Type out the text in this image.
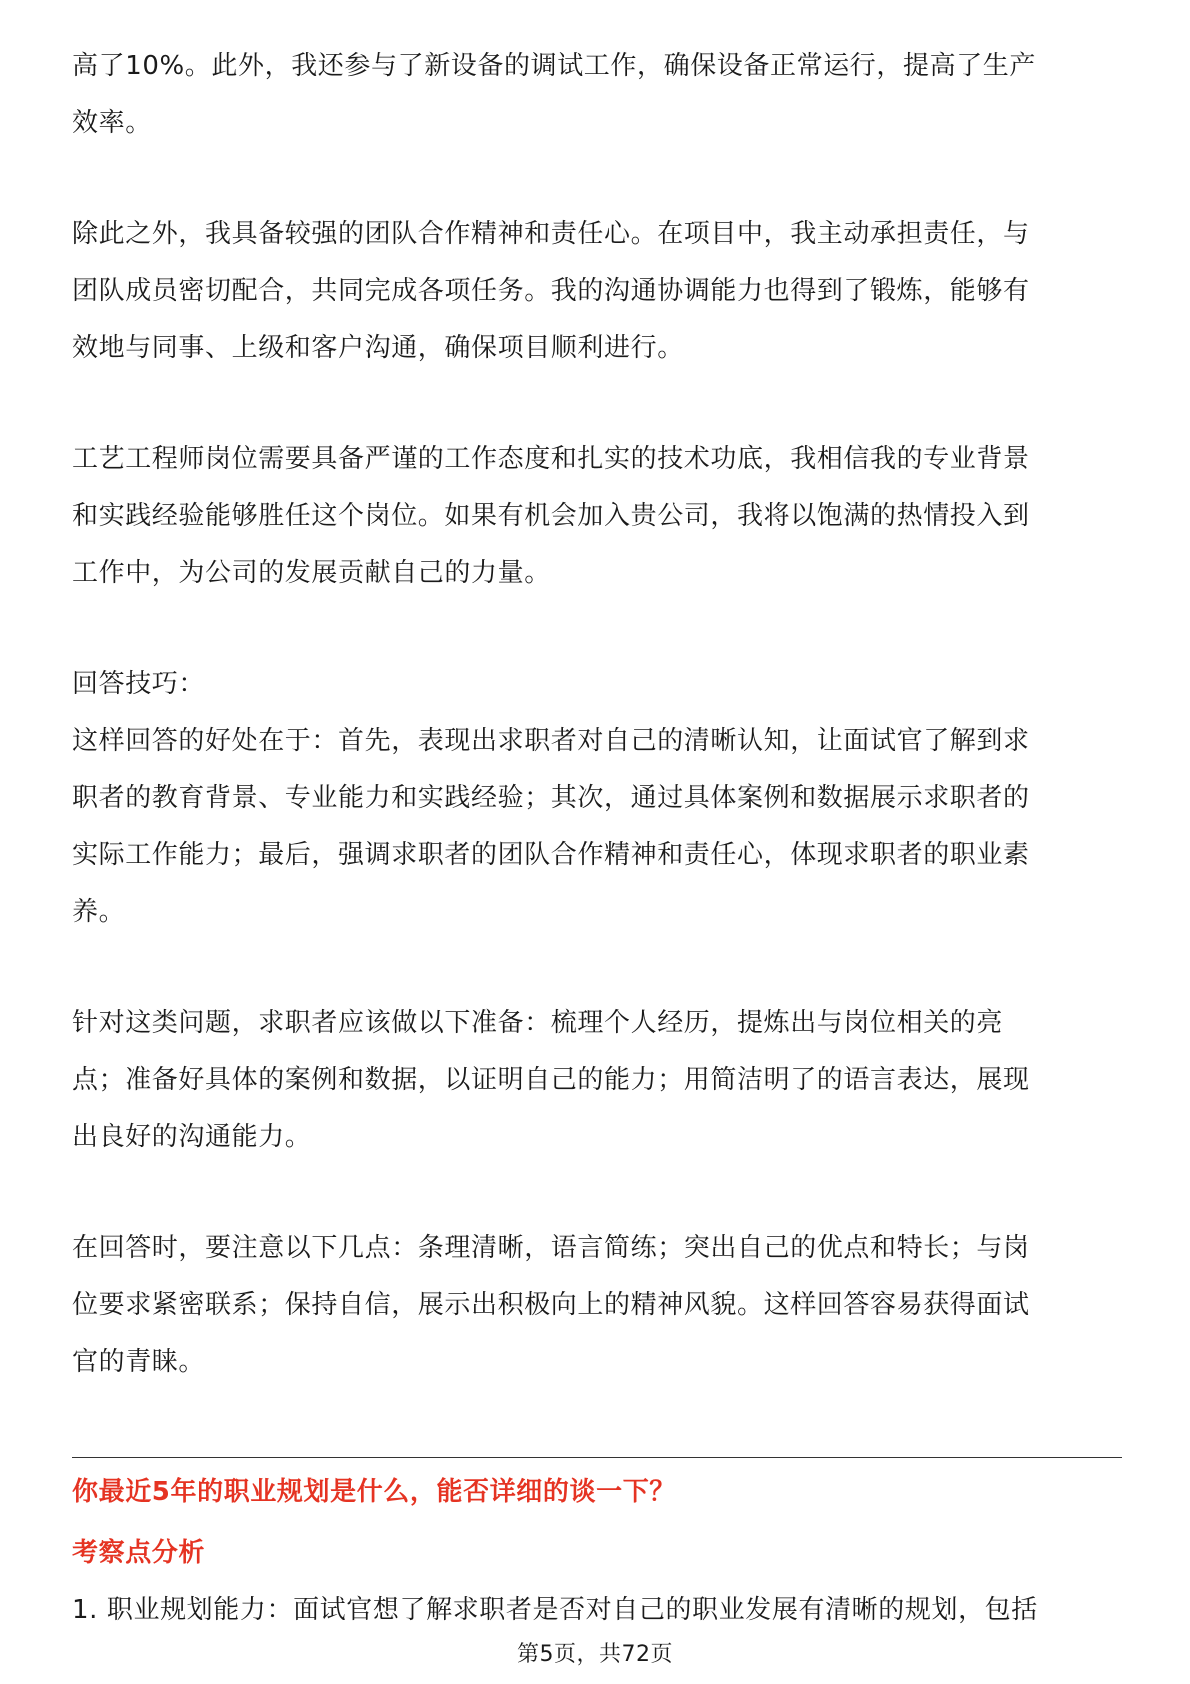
高了10%。此外，我还参与了新设备的调试工作，确保设备正常运行，提高了生产

效率。

除此之外，我具备较强的团队合作精神和责任心。在项目中，我主动承担责任，与

团队成员密切配合，共同完成各项任务。我的沟通协调能力也得到了锻炼，能够有

效地与同事、上级和客户沟通，确保项目顺利进行。

工艺工程师岗位需要具备严谨的工作态度和扎实的技术功底，我相信我的专业背景

和实践经验能够胜任这个岗位。如果有机会加入贵公司，我将以饱满的热情投入到

工作中，为公司的发展贡献自己的力量。

回答技巧：

这样回答的好处在于：首先，表现出求职者对自己的清晰认知，让面试官了解到求

职者的教育背景、专业能力和实践经验；其次，通过具体案例和数据展示求职者的

实际工作能力；最后，强调求职者的团队合作精神和责任心，体现求职者的职业素

养。

针对这类问题，求职者应该做以下准备：梳理个人经历，提炼出与岗位相关的亮

点；准备好具体的案例和数据，以证明自己的能力；用简洁明了的语言表达，展现

出良好的沟通能力。

在回答时，要注意以下几点：条理清晰，语言简练；突出自己的优点和特长；与岗

位要求紧密联系；保持自信，展示出积极向上的精神风貌。这样回答容易获得面试

官的青睐。

你最近5年的职业规划是什么，能否详细的谈一下？
考察点分析
1. 职业规划能力：面试官想了解求职者是否对自己的职业发展有清晰的规划，包括
第5页，共72页
